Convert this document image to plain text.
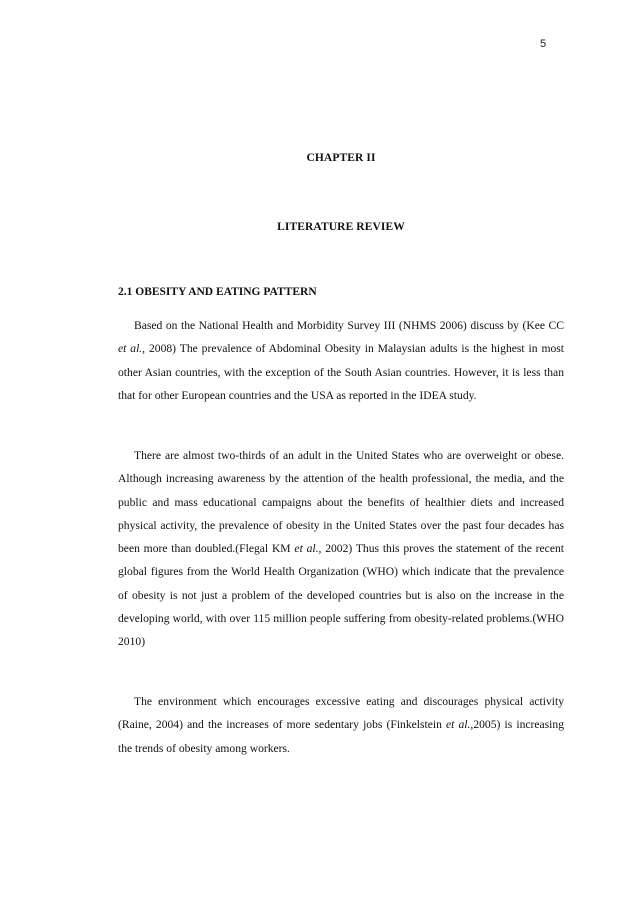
5
CHAPTER II
LITERATURE REVIEW
2.1 OBESITY AND EATING PATTERN

Based on the National Health and Morbidity Survey III (NHMS 2006) discuss by (Kee CC et al., 2008) The prevalence of Abdominal Obesity in Malaysian adults is the highest in most other Asian countries, with the exception of the South Asian countries. However, it is less than that for other European countries and the USA as reported in the IDEA study.

There are almost two-thirds of an adult in the United States who are overweight or obese. Although increasing awareness by the attention of the health professional, the media, and the public and mass educational campaigns about the benefits of healthier diets and increased physical activity, the prevalence of obesity in the United States over the past four decades has been more than doubled.(Flegal KM et al., 2002) Thus this proves the statement of the recent global figures from the World Health Organization (WHO) which indicate that the prevalence of obesity is not just a problem of the developed countries but is also on the increase in the developing world, with over 115 million people suffering from obesity-related problems.(WHO 2010)

The environment which encourages excessive eating and discourages physical activity (Raine, 2004) and the increases of more sedentary jobs (Finkelstein et al.,2005) is increasing the trends of obesity among workers.
